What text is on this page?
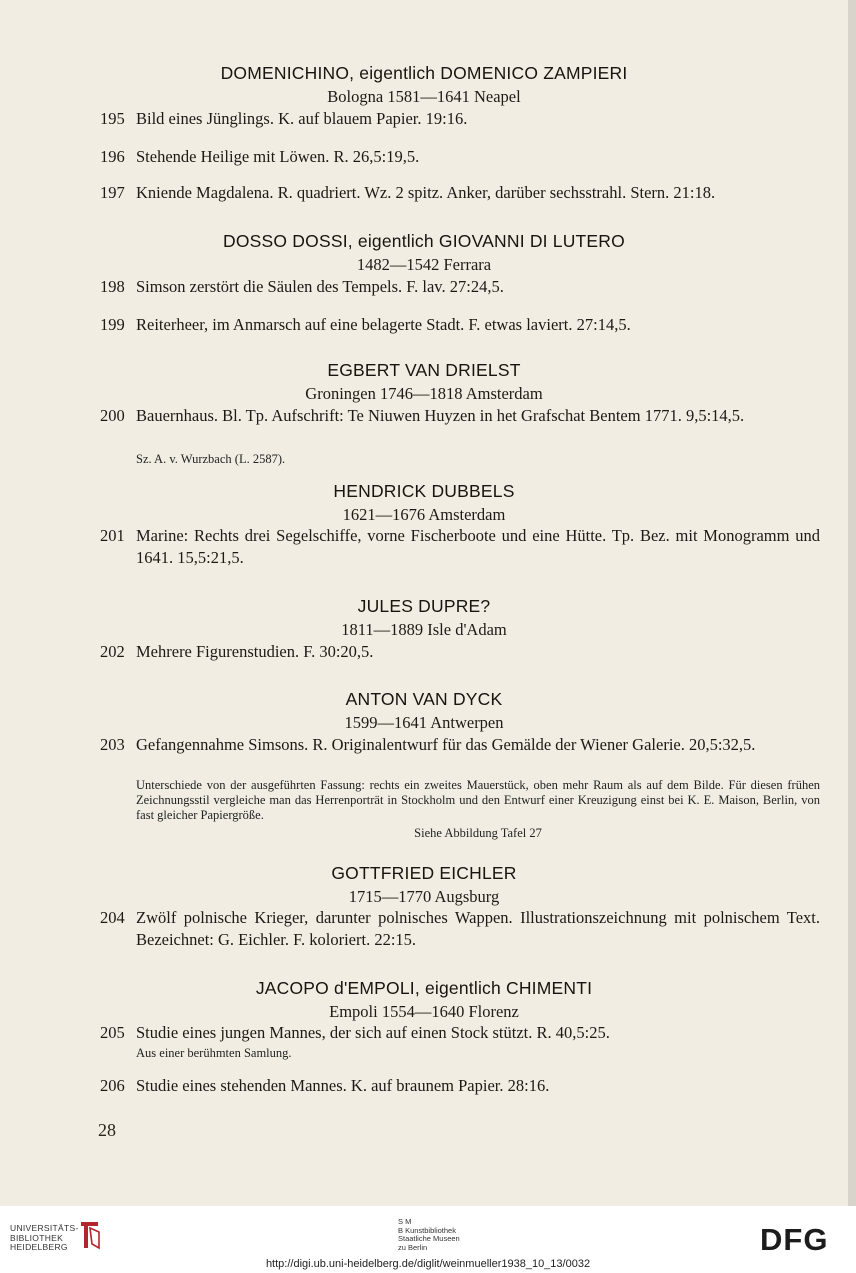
DOMENICHINO, eigentlich DOMENICO ZAMPIERI
Bologna 1581—1641 Neapel
195 Bild eines Jünglings. K. auf blauem Papier. 19:16.
196 Stehende Heilige mit Löwen. R. 26,5:19,5.
197 Kniende Magdalena. R. quadriert. Wz. 2 spitz. Anker, darüber sechsstrahl. Stern. 21:18.
DOSSO DOSSI, eigentlich GIOVANNI DI LUTERO
1482—1542 Ferrara
198 Simson zerstört die Säulen des Tempels. F. lav. 27:24,5.
199 Reiterheer, im Anmarsch auf eine belagerte Stadt. F. etwas laviert. 27:14,5.
EGBERT VAN DRIELST
Groningen 1746—1818 Amsterdam
200 Bauernhaus. Bl. Tp. Aufschrift: Te Niuwen Huyzen in het Grafschat Bentem 1771. 9,5:14,5.
Sz. A. v. Wurzbach (L. 2587).
HENDRICK DUBBELS
1621—1676 Amsterdam
201 Marine: Rechts drei Segelschiffe, vorne Fischerboote und eine Hütte. Tp. Bez. mit Monogramm und 1641. 15,5:21,5.
JULES DUPRE?
1811—1889 Isle d'Adam
202 Mehrere Figurenstudien. F. 30:20,5.
ANTON VAN DYCK
1599—1641 Antwerpen
203 Gefangennahme Simsons. R. Originalentwurf für das Gemälde der Wiener Galerie. 20,5:32,5.
Unterschiede von der ausgeführten Fassung: rechts ein zweites Mauerstück, oben mehr Raum als auf dem Bilde. Für diesen frühen Zeichnungsstil vergleiche man das Herrenporträt in Stockholm und den Entwurf einer Kreuzigung einst bei K. E. Maison, Berlin, von fast gleicher Papiergröße.
Siehe Abbildung Tafel 27
GOTTFRIED EICHLER
1715—1770 Augsburg
204 Zwölf polnische Krieger, darunter polnisches Wappen. Illustrationszeichnung mit polnischem Text. Bezeichnet: G. Eichler. F. koloriert. 22:15.
JACOPO d'EMPOLI, eigentlich CHIMENTI
Empoli 1554—1640 Florenz
205 Studie eines jungen Mannes, der sich auf einen Stock stützt. R. 40,5:25.
Aus einer berühmten Samlung.
206 Studie eines stehenden Mannes. K. auf braunem Papier. 28:16.
28
UNIVERSITÄTS-
BIBLIOTHEK
HEIDELBERG
S M
B Kunstbibliothek
Staatliche Museen
zu Berlin	DFG
http://digi.ub.uni-heidelberg.de/diglit/weinmueller1938_10_13/0032
